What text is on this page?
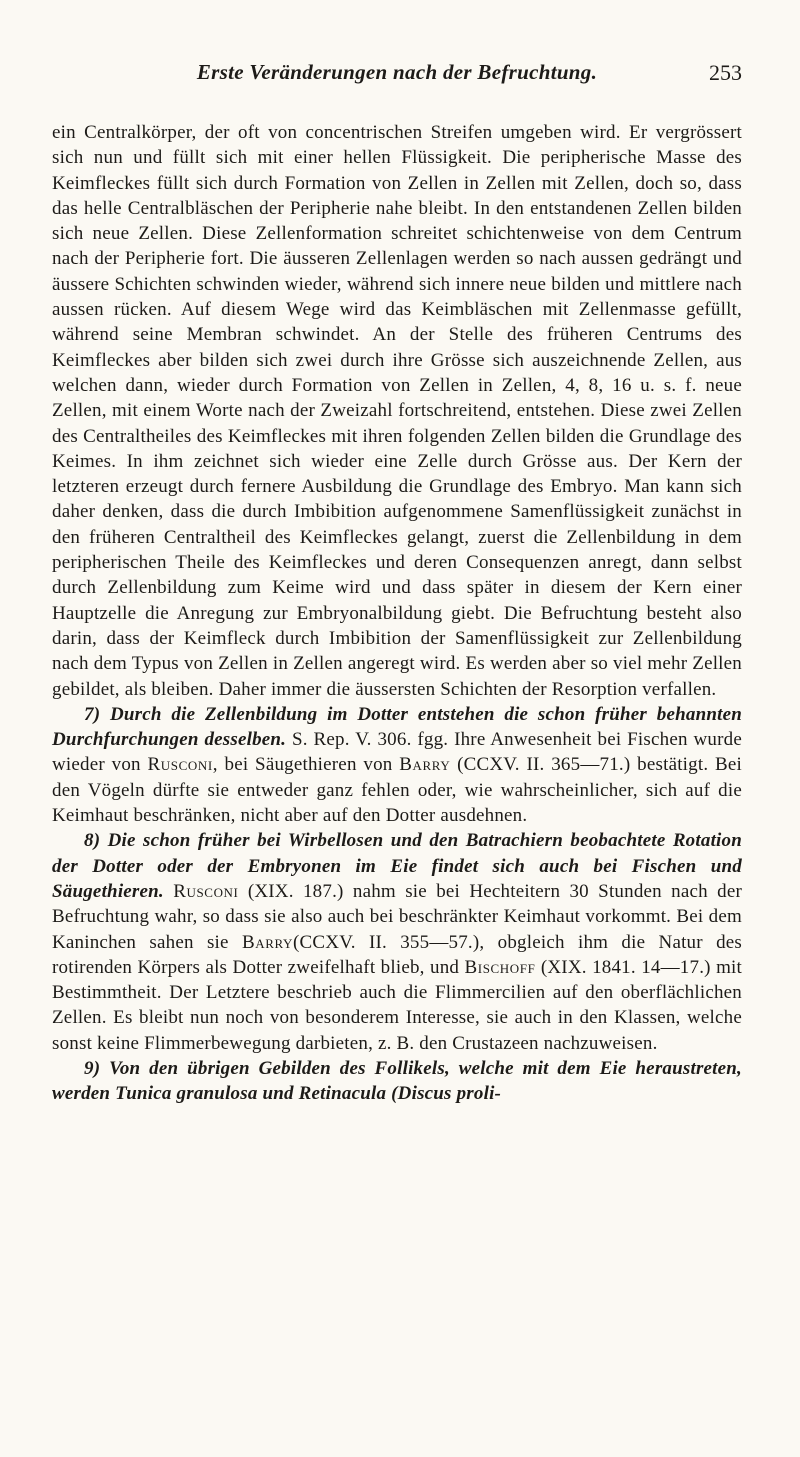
Erste Veränderungen nach der Befruchtung.	253

ein Centralkörper, der oft von concentrischen Streifen umgeben wird. Er vergrössert sich nun und füllt sich mit einer hellen Flüssigkeit. Die peripherische Masse des Keimfleckes füllt sich durch Formation von Zellen in Zellen mit Zellen, doch so, dass das helle Centralbläschen der Peripherie nahe bleibt. In den entstandenen Zellen bilden sich neue Zellen. Diese Zellenformation schreitet schichtenweise von dem Centrum nach der Peripherie fort. Die äusseren Zellenlagen werden so nach aussen gedrängt und äussere Schichten schwinden wieder, während sich innere neue bilden und mittlere nach aussen rücken. Auf diesem Wege wird das Keimbläschen mit Zellenmasse gefüllt, während seine Membran schwindet. An der Stelle des früheren Centrums des Keimfleckes aber bilden sich zwei durch ihre Grösse sich auszeichnende Zellen, aus welchen dann, wieder durch Formation von Zellen in Zellen, 4, 8, 16 u. s. f. neue Zellen, mit einem Worte nach der Zweizahl fortschreitend, entstehen. Diese zwei Zellen des Centraltheiles des Keimfleckes mit ihren folgenden Zellen bilden die Grundlage des Keimes. In ihm zeichnet sich wieder eine Zelle durch Grösse aus. Der Kern der letzteren erzeugt durch fernere Ausbildung die Grundlage des Embryo. Man kann sich daher denken, dass die durch Imbibition aufgenommene Samenflüssigkeit zunächst in den früheren Centraltheil des Keimfleckes gelangt, zuerst die Zellenbildung in dem peripherischen Theile des Keimfleckes und deren Consequenzen anregt, dann selbst durch Zellenbildung zum Keime wird und dass später in diesem der Kern einer Hauptzelle die Anregung zur Embryonalbildung giebt. Die Befruchtung besteht also darin, dass der Keimfleck durch Imbibition der Samenflüssigkeit zur Zellenbildung nach dem Typus von Zellen in Zellen angeregt wird. Es werden aber so viel mehr Zellen gebildet, als bleiben. Daher immer die äussersten Schichten der Resorption verfallen.

7) Durch die Zellenbildung im Dotter entstehen die schon früher behannten Durchfurchungen desselben. S. Rep. V. 306. fgg. Ihre Anwesenheit bei Fischen wurde wieder von Rusconi, bei Säugethieren von Barry (CCXV. II. 365—71.) bestätigt. Bei den Vögeln dürfte sie entweder ganz fehlen oder, wie wahrscheinlicher, sich auf die Keimhaut beschränken, nicht aber auf den Dotter ausdehnen.

8) Die schon früher bei Wirbellosen und den Batrachiern beobachtete Rotation der Dotter oder der Embryonen im Eie findet sich auch bei Fischen und Säugethieren. Rusconi (XIX. 187.) nahm sie bei Hechteitern 30 Stunden nach der Befruchtung wahr, so dass sie also auch bei beschränkter Keimhaut vorkommt. Bei dem Kaninchen sahen sie Barry(CCXV. II. 355—57.), obgleich ihm die Natur des rotirenden Körpers als Dotter zweifelhaft blieb, und Bischoff (XIX. 1841. 14—17.) mit Bestimmtheit. Der Letztere beschrieb auch die Flimmercilien auf den oberflächlichen Zellen. Es bleibt nun noch von besonderem Interesse, sie auch in den Klassen, welche sonst keine Flimmerbewegung darbieten, z. B. den Crustazeen nachzuweisen.

9) Von den übrigen Gebilden des Follikels, welche mit dem Eie heraustreten, werden Tunica granulosa und Retinacula (Discus proli-
